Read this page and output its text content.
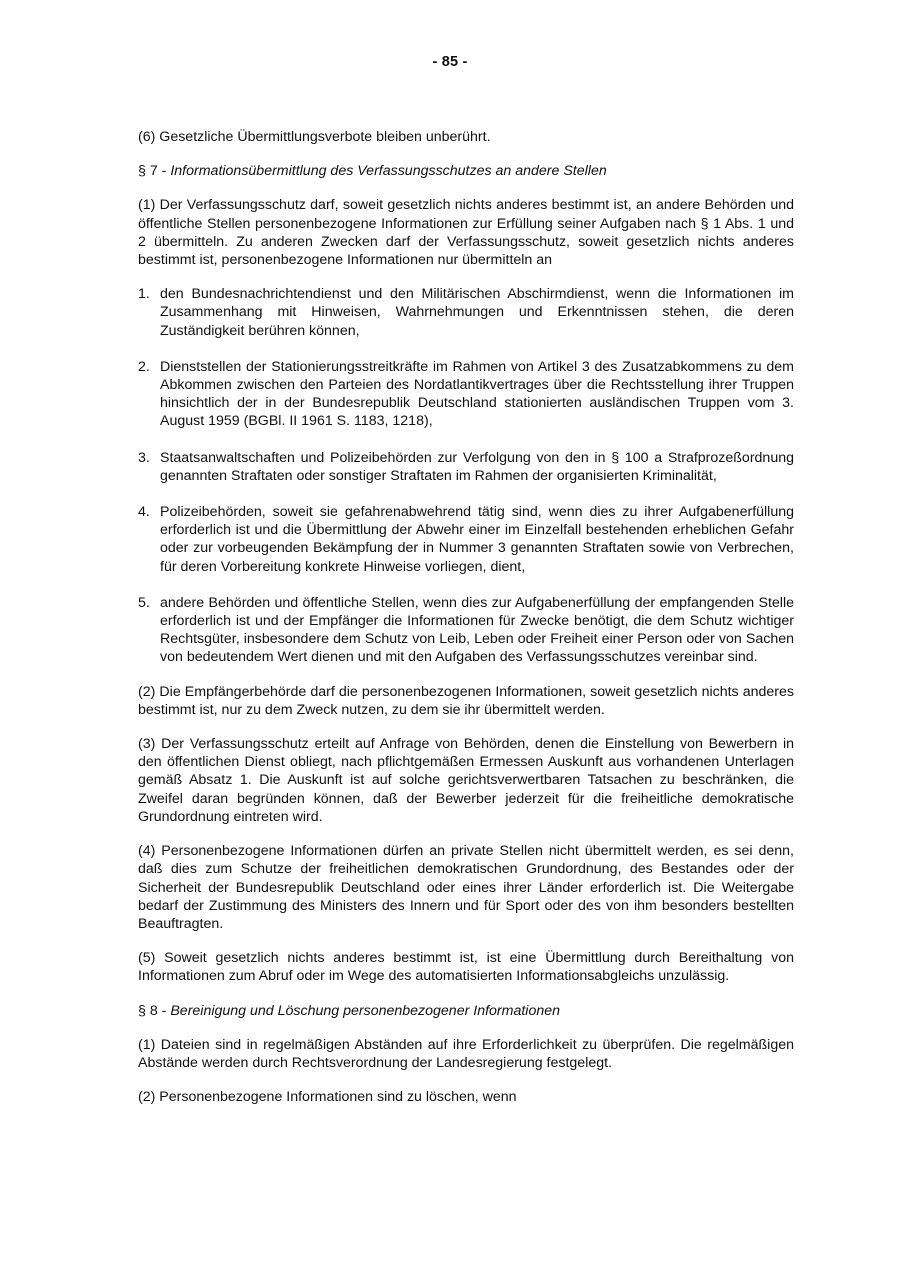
- 85 -

(6) Gesetzliche Übermittlungsverbote bleiben unberührt.

§ 7 - Informationsübermittlung des Verfassungsschutzes an andere Stellen

(1) Der Verfassungsschutz darf, soweit gesetzlich nichts anderes bestimmt ist, an andere Behörden und öffentliche Stellen personenbezogene Informationen zur Erfüllung seiner Aufgaben nach § 1 Abs. 1 und 2 übermitteln. Zu anderen Zwecken darf der Verfassungsschutz, soweit gesetzlich nichts anderes bestimmt ist, personenbezogene Informationen nur übermitteln an

1. den Bundesnachrichtendienst und den Militärischen Abschirmdienst, wenn die Informationen im Zusammenhang mit Hinweisen, Wahrnehmungen und Erkenntnissen stehen, die deren Zuständigkeit berühren können,
2. Dienststellen der Stationierungsstreitkräfte im Rahmen von Artikel 3 des Zusatzabkommens zu dem Abkommen zwischen den Parteien des Nordatlantikvertrages über die Rechtsstellung ihrer Truppen hinsichtlich der in der Bundesrepublik Deutschland stationierten ausländischen Truppen vom 3. August 1959 (BGBl. II 1961 S. 1183, 1218),
3. Staatsanwaltschaften und Polizeibehörden zur Verfolgung von den in § 100 a Strafprozeßordnung genannten Straftaten oder sonstiger Straftaten im Rahmen der organisierten Kriminalität,
4. Polizeibehörden, soweit sie gefahrenabwehrend tätig sind, wenn dies zu ihrer Aufgabenerfüllung erforderlich ist und die Übermittlung der Abwehr einer im Einzelfall bestehenden erheblichen Gefahr oder zur vorbeugenden Bekämpfung der in Nummer 3 genannten Straftaten sowie von Verbrechen, für deren Vorbereitung konkrete Hinweise vorliegen, dient,
5. andere Behörden und öffentliche Stellen, wenn dies zur Aufgabenerfüllung der empfangenden Stelle erforderlich ist und der Empfänger die Informationen für Zwecke benötigt, die dem Schutz wichtiger Rechtsgüter, insbesondere dem Schutz von Leib, Leben oder Freiheit einer Person oder von Sachen von bedeutendem Wert dienen und mit den Aufgaben des Verfassungsschutzes vereinbar sind.

(2) Die Empfängerbehörde darf die personenbezogenen Informationen, soweit gesetzlich nichts anderes bestimmt ist, nur zu dem Zweck nutzen, zu dem sie ihr übermittelt werden.

(3) Der Verfassungsschutz erteilt auf Anfrage von Behörden, denen die Einstellung von Bewerbern in den öffentlichen Dienst obliegt, nach pflichtgemäßen Ermessen Auskunft aus vorhandenen Unterlagen gemäß Absatz 1. Die Auskunft ist auf solche gerichtsverwertbaren Tatsachen zu beschränken, die Zweifel daran begründen können, daß der Bewerber jederzeit für die freiheitliche demokratische Grundordnung eintreten wird.

(4) Personenbezogene Informationen dürfen an private Stellen nicht übermittelt werden, es sei denn, daß dies zum Schutze der freiheitlichen demokratischen Grundordnung, des Bestandes oder der Sicherheit der Bundesrepublik Deutschland oder eines ihrer Länder erforderlich ist. Die Weitergabe bedarf der Zustimmung des Ministers des Innern und für Sport oder des von ihm besonders bestellten Beauftragten.

(5) Soweit gesetzlich nichts anderes bestimmt ist, ist eine Übermittlung durch Bereithaltung von Informationen zum Abruf oder im Wege des automatisierten Informationsabgleichs unzulässig.

§ 8 - Bereinigung und Löschung personenbezogener Informationen

(1) Dateien sind in regelmäßigen Abständen auf ihre Erforderlichkeit zu überprüfen. Die regelmäßigen Abstände werden durch Rechtsverordnung der Landesregierung festgelegt.

(2) Personenbezogene Informationen sind zu löschen, wenn
